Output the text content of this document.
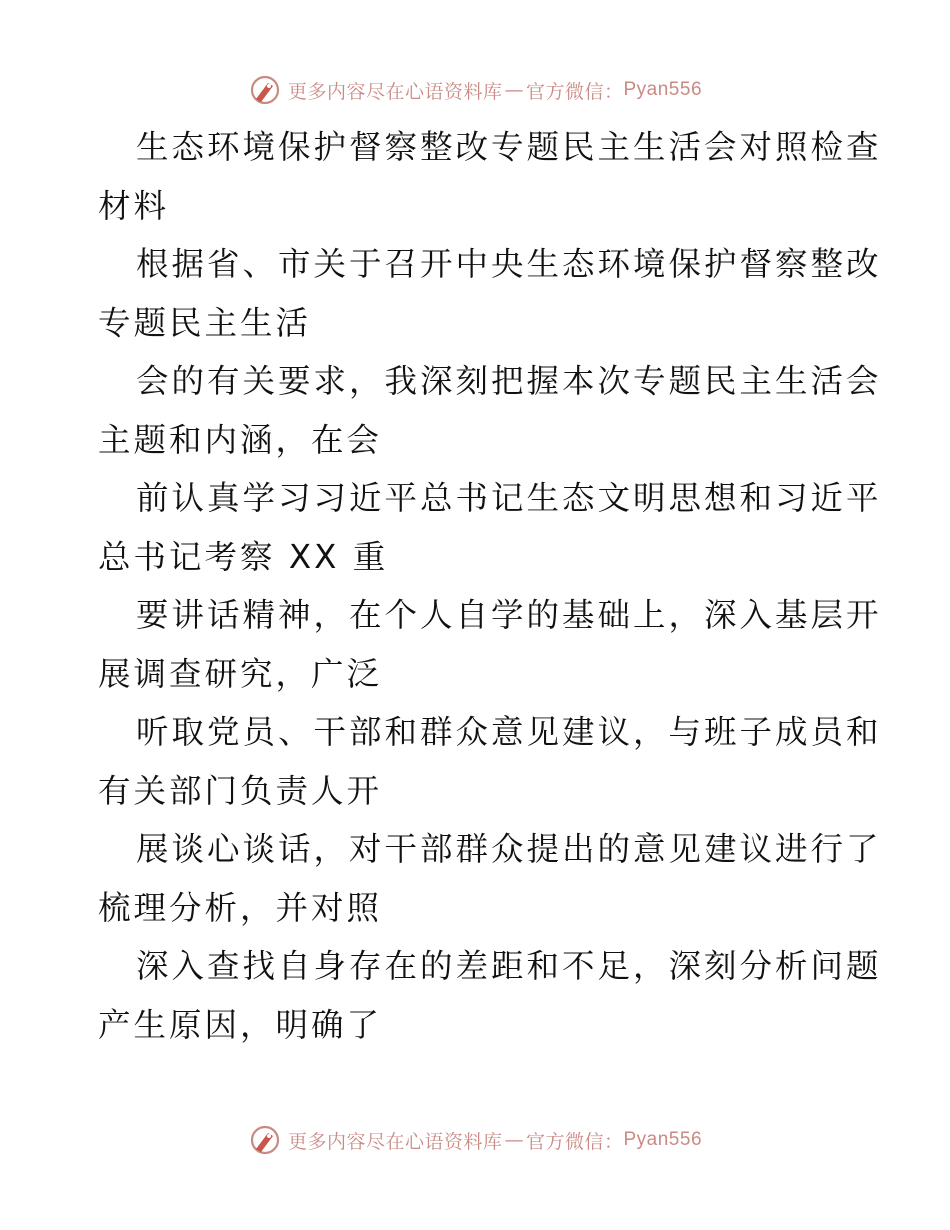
更多内容尽在心语资料库 — 官方微信： Pyan556
生态环境保护督察整改专题民主生活会对照检查
材料
根据省、市关于召开中央生态环境保护督察整改
专题民主生活
会的有关要求，我深刻把握本次专题民主生活会
主题和内涵，在会
前认真学习习近平总书记生态文明思想和习近平
总书记考察 XX 重
要讲话精神，在个人自学的基础上，深入基层开
展调查研究，广泛
听取党员、干部和群众意见建议，与班子成员和
有关部门负责人开
展谈心谈话，对干部群众提出的意见建议进行了
梳理分析，并对照
深入查找自身存在的差距和不足，深刻分析问题
产生原因，明确了
更多内容尽在心语资料库 — 官方微信： Pyan556
